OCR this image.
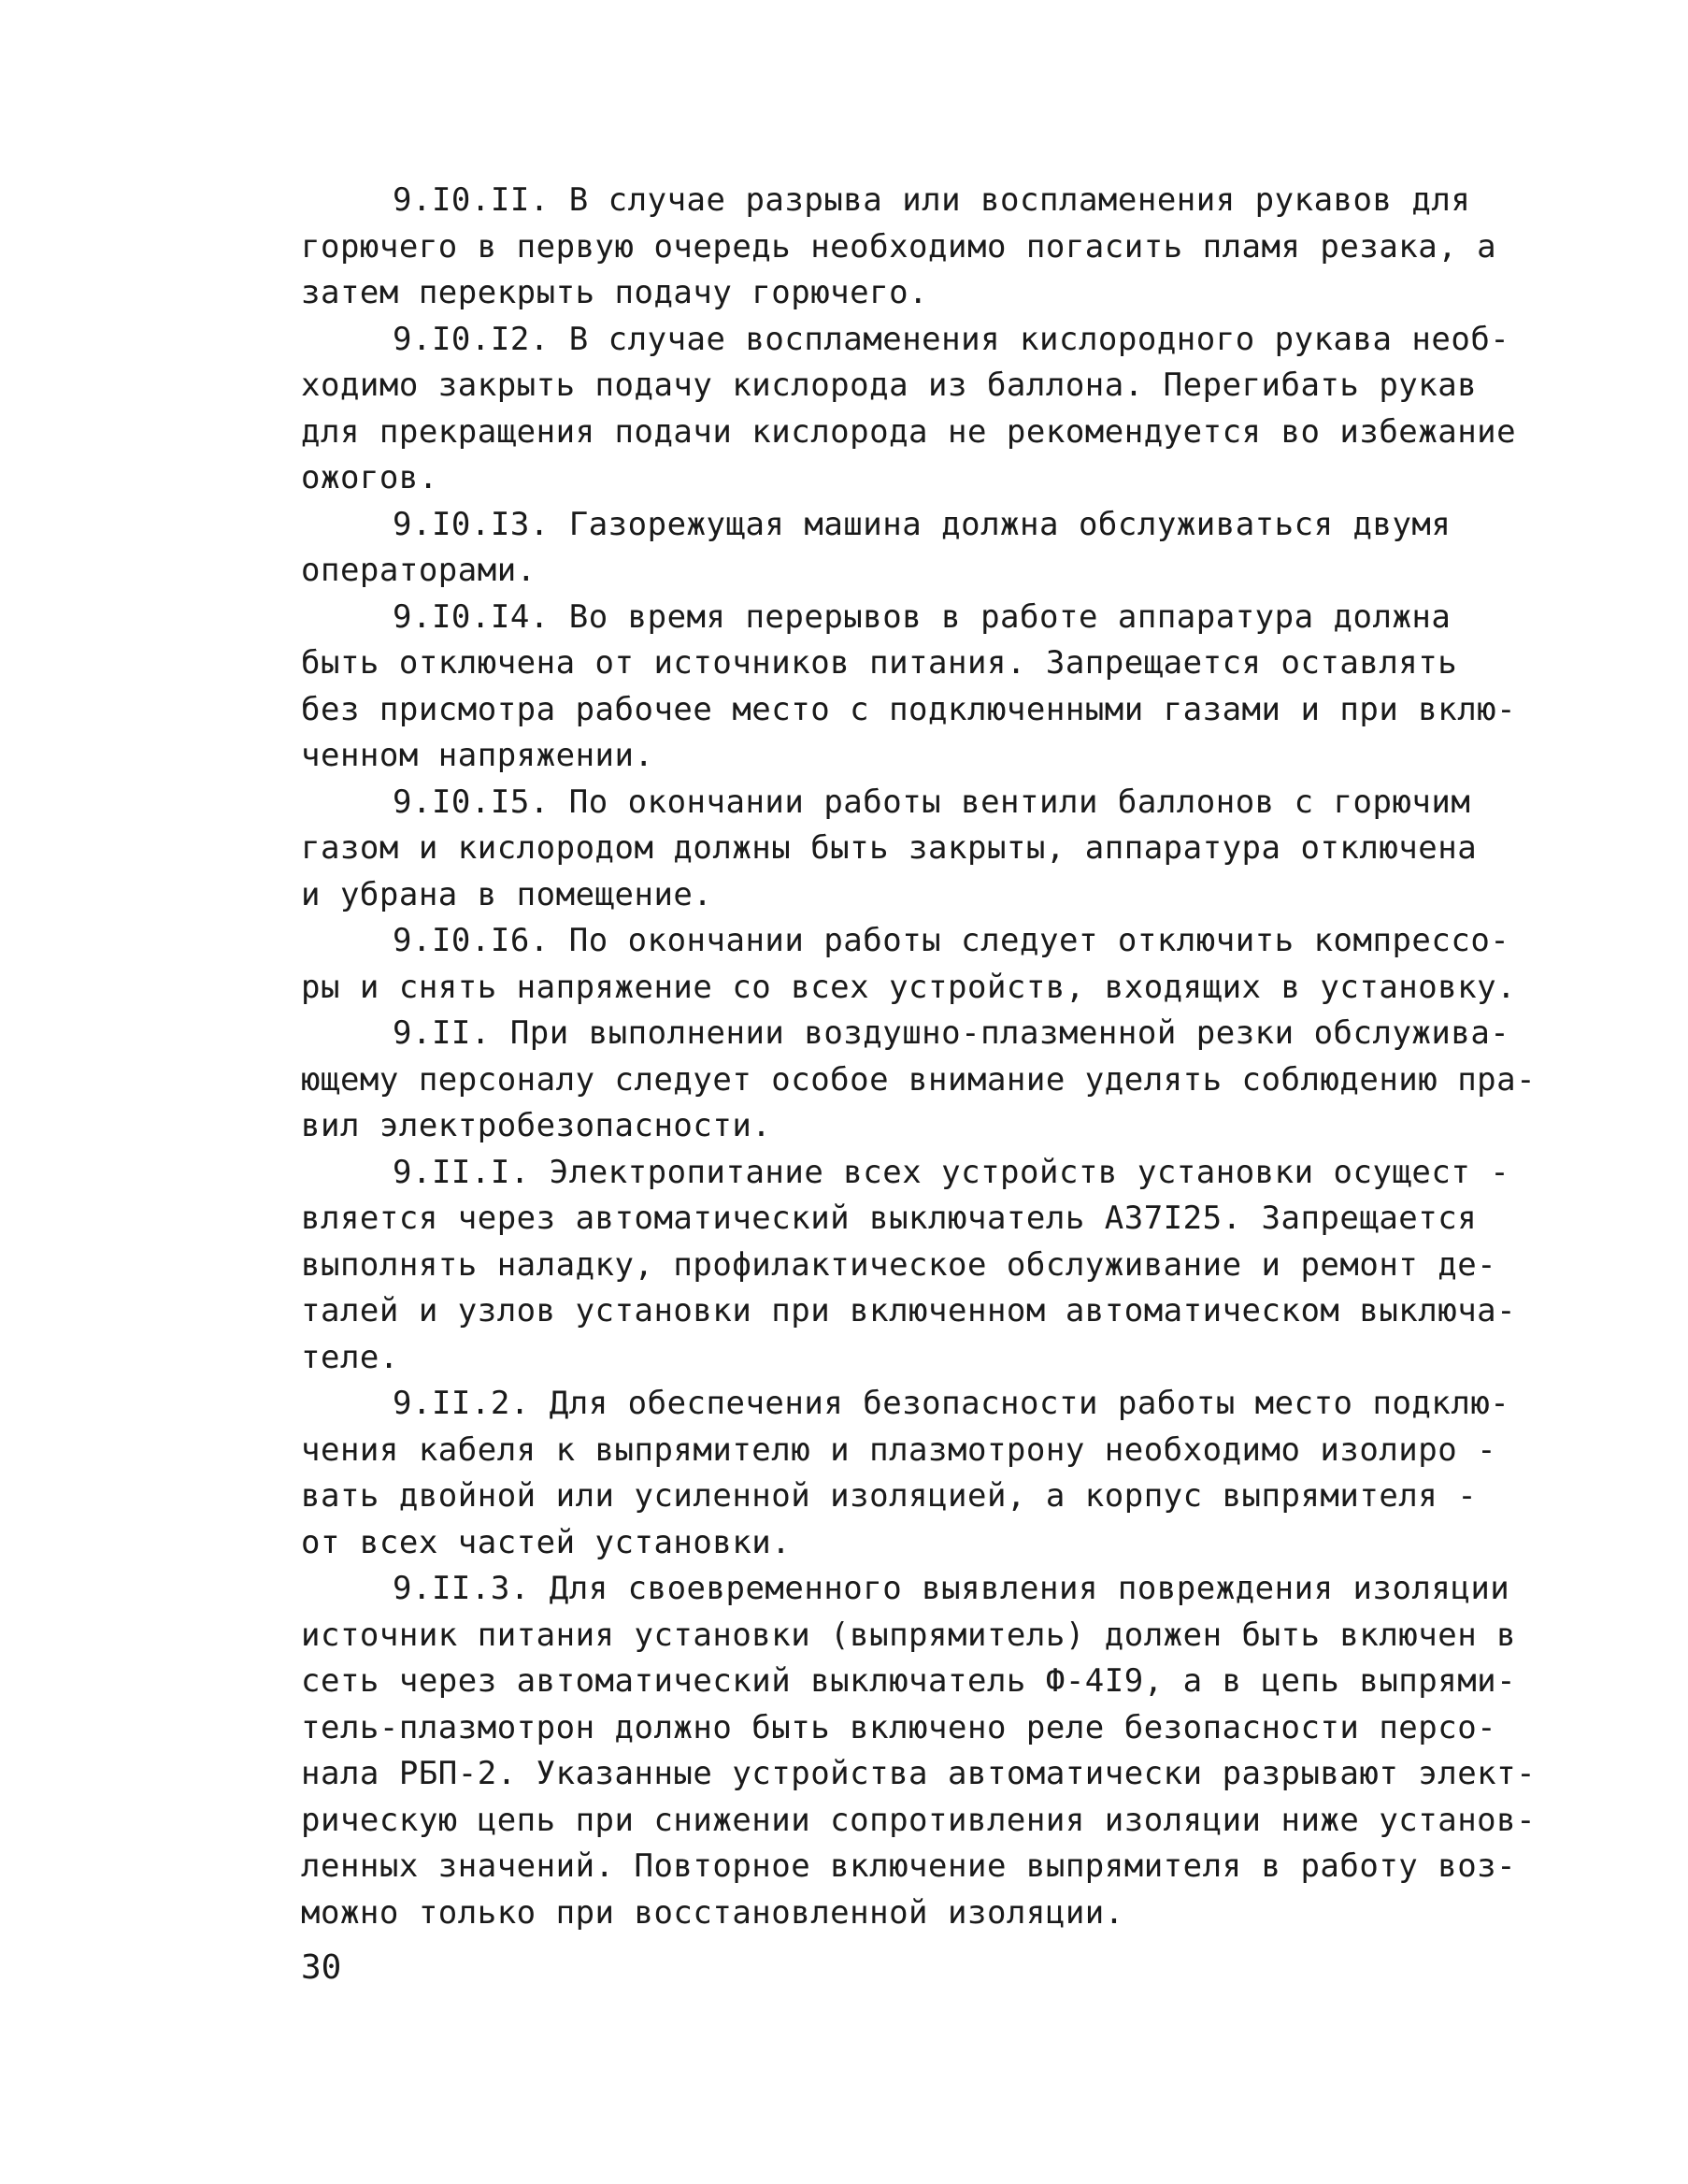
9.I0.II. В случае разрыва или воспламенения рукавов для
горючего в первую очередь необходимо погасить пламя резака, а
затем перекрыть подачу горючего.
9.I0.I2. В случае воспламенения кислородного рукава необ-
ходимо закрыть подачу кислорода из баллона. Перегибать рукав
для прекращения подачи кислорода не рекомендуется во избежание
ожогов.
9.I0.I3. Газорежущая машина должна обслуживаться двумя
операторами.
9.I0.I4. Во время перерывов в работе аппаратура должна
быть отключена от источников питания. Запрещается оставлять
без присмотра рабочее место с подключенными газами и при вклю-
ченном напряжении.
9.I0.I5. По окончании работы вентили баллонов с горючим
газом и кислородом должны быть закрыты, аппаратура отключена
и убрана в помещение.
9.I0.I6. По окончании работы следует отключить компрессо-
ры и снять напряжение со всех устройств, входящих в установку.
9.II. При выполнении воздушно-плазменной резки обслужива-
ющему персоналу следует особое внимание уделять соблюдению пра-
вил электробезопасности.
9.II.I. Электропитание всех устройств установки осущест -
вляется через автоматический выключатель А37I25. Запрещается
выполнять наладку, профилактическое обслуживание и ремонт де-
талей и узлов установки при включенном автоматическом выключа-
теле.
9.II.2. Для обеспечения безопасности работы место подклю-
чения кабеля к выпрямителю и плазмотрону необходимо изолиро -
вать двойной или усиленной изоляцией, а корпус выпрямителя -
от всех частей установки.
9.II.3. Для своевременного выявления повреждения изоляции
источник питания установки (выпрямитель) должен быть включен в
сеть через автоматический выключатель Ф-4I9, а в цепь выпрями-
тель-плазмотрон должно быть включено реле безопасности персо-
нала РБП-2. Указанные устройства автоматически разрывают элект-
рическую цепь при снижении сопротивления изоляции ниже установ-
ленных значений. Повторное включение выпрямителя в работу воз-
можно только при восстановленной изоляции.
30
